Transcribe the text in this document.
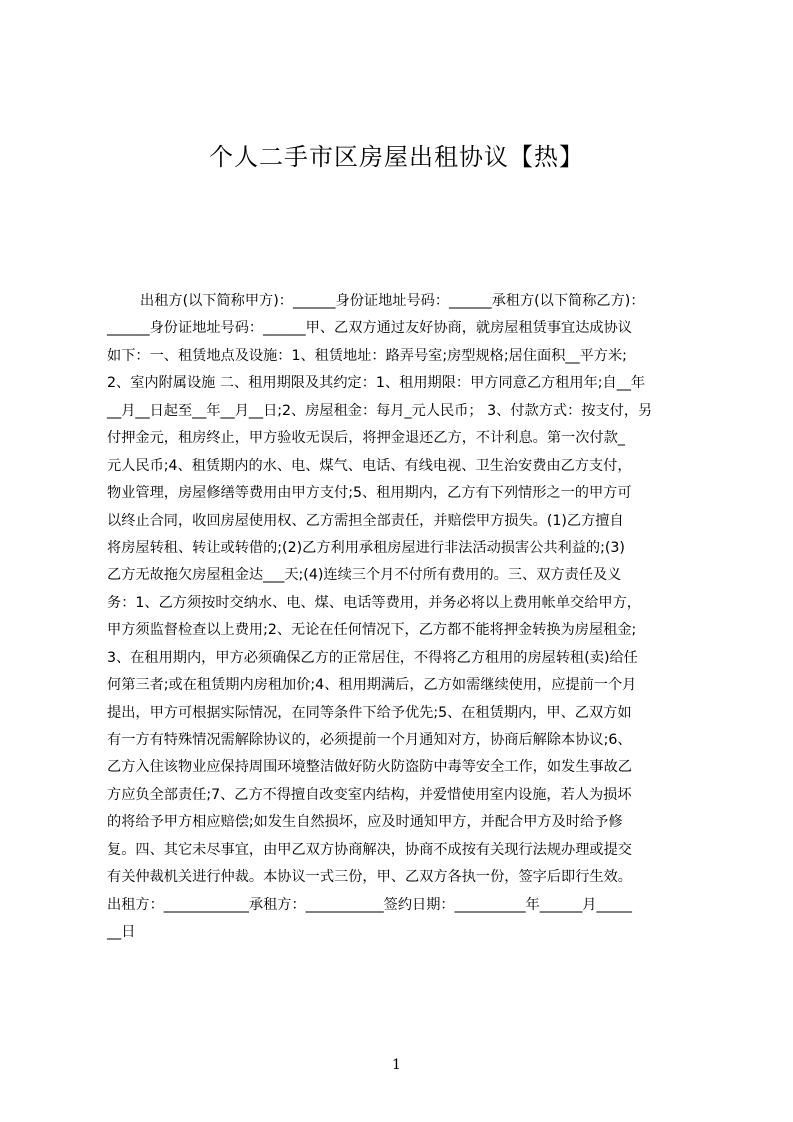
个人二手市区房屋出租协议【热】
出租方(以下简称甲方)：______身份证地址号码：______承租方(以下简称乙方)：
______身份证地址号码：______甲、乙双方通过友好协商，就房屋租赁事宜达成协议
如下：一、租赁地点及设施：1、租赁地址：路弄号室;房型规格;居住面积__平方米;
2、室内附属设施 二、租用期限及其约定：1、租用期限：甲方同意乙方租用年;自__年
__月__日起至__年__月__日;2、房屋租金：每月_元人民币； 3、付款方式：按支付，另
付押金元，租房终止，甲方验收无误后，将押金退还乙方，不计利息。第一次付款_
元人民币;4、租赁期内的水、电、煤气、电话、有线电视、卫生治安费由乙方支付，
物业管理，房屋修缮等费用由甲方支付;5、租用期内，乙方有下列情形之一的甲方可
以终止合同，收回房屋使用权、乙方需担全部责任，并赔偿甲方损失。(1)乙方擅自
将房屋转租、转让或转借的;(2)乙方利用承租房屋进行非法活动损害公共利益的;(3)
乙方无故拖欠房屋租金达___天;(4)连续三个月不付所有费用的。三、双方责任及义
务：1、乙方须按时交纳水、电、煤、电话等费用，并务必将以上费用帐单交给甲方，
甲方须监督检查以上费用;2、无论在任何情况下，乙方都不能将押金转换为房屋租金;
3、在租用期内，甲方必须确保乙方的正常居住，不得将乙方租用的房屋转租(卖)给任
何第三者;或在租赁期内房租加价;4、租用期满后，乙方如需继续使用，应提前一个月
提出，甲方可根据实际情况，在同等条件下给予优先;5、在租赁期内，甲、乙双方如
有一方有特殊情况需解除协议的，必须提前一个月通知对方，协商后解除本协议;6、
乙方入住该物业应保持周围环境整洁做好防火防盗防中毒等安全工作，如发生事故乙
方应负全部责任;7、乙方不得擅自改变室内结构，并爱惜使用室内设施，若人为损坏
的将给予甲方相应赔偿;如发生自然损坏，应及时通知甲方，并配合甲方及时给予修
复。四、其它未尽事宜，由甲乙双方协商解决，协商不成按有关现行法规办理或提交
有关仲裁机关进行仲裁。本协议一式三份，甲、乙双方各执一份，签字后即行生效。
出租方：____________承租方：___________签约日期：__________年______月_____
__日
1
